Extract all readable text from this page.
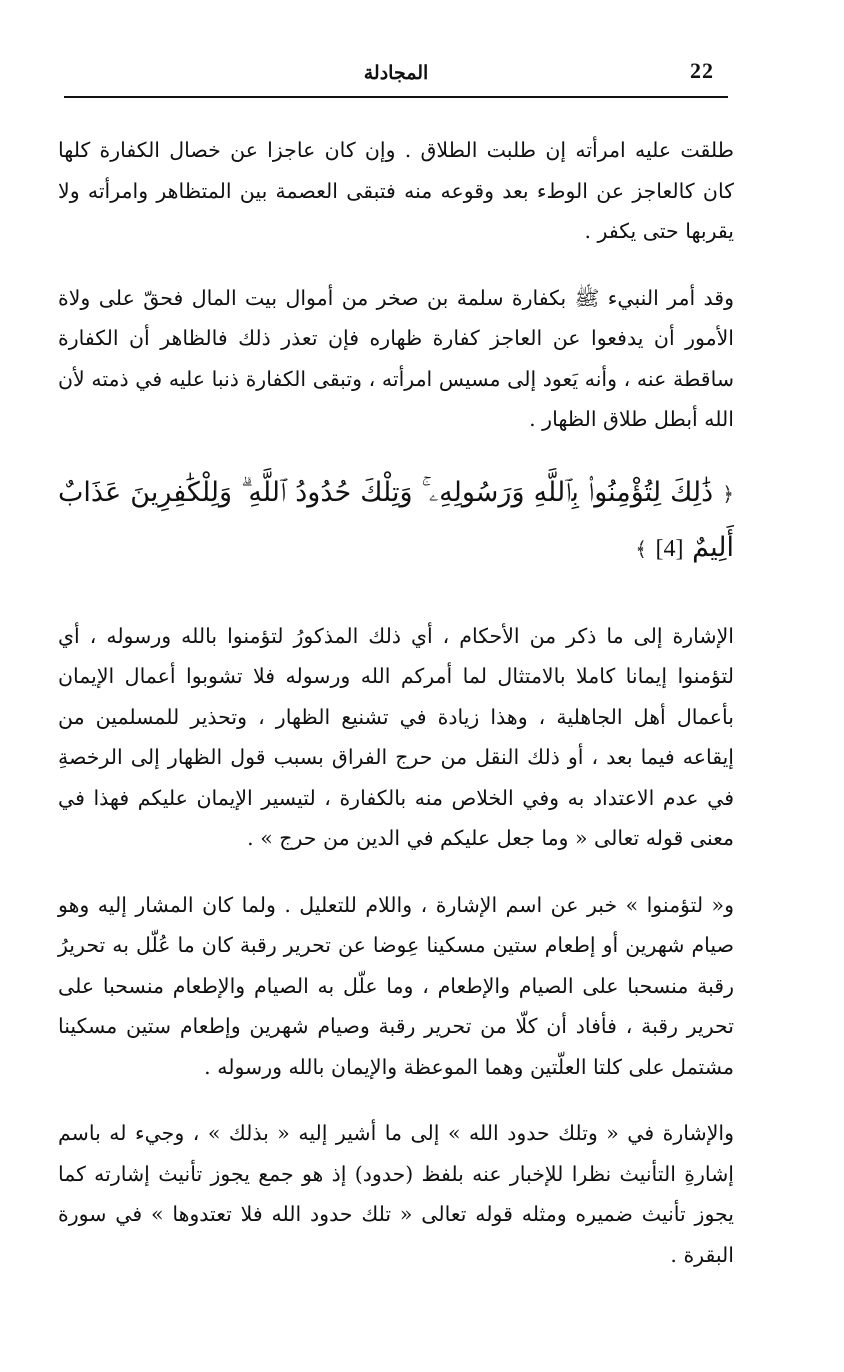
المجادلة	22

طلقت عليه امرأته إن طلبت الطلاق . وإن كان عاجزا عن خصال الكفارة كلها كان كالعاجز عن الوطء بعد وقوعه منه فتبقى العصمة بين المتظاهر وامرأته ولا يقربها حتى يكفر .

وقد أمر النبيء ﷺ بكفارة سلمة بن صخر من أموال بيت المال فحقّ على ولاة الأمور أن يدفعوا عن العاجز كفارة ظهاره فإن تعذر ذلك فالظاهر أن الكفارة ساقطة عنه ، وأنه يَعود إلى مسيس امرأته ، وتبقى الكفارة ذنبا عليه في ذمته لأن الله أبطل طلاق الظهار .

﴿ ذَٰلِكَ لِتُؤْمِنُوا۟ بِٱللَّهِ وَرَسُولِهِۦ ۚ وَتِلْكَ حُدُودُ ٱللَّهِ ۗ وَلِلْكَٰفِرِينَ عَذَابٌ أَلِيمٌ [4] ﴾

الإشارة إلى ما ذكر من الأحكام ، أي ذلك المذكورُ لتؤمنوا بالله ورسوله ، أي لتؤمنوا إيمانا كاملا بالامتثال لما أمركم الله ورسوله فلا تشوبوا أعمال الإيمان بأعمال أهل الجاهلية ، وهذا زيادة في تشنيع الظهار ، وتحذير للمسلمين من إيقاعه فيما بعد ، أو ذلك النقل من حرج الفراق بسبب قول الظهار إلى الرخصةِ في عدم الاعتداد به وفي الخلاص منه بالكفارة ، لتيسير الإيمان عليكم فهذا في معنى قوله تعالى « وما جعل عليكم في الدين من حرج » .

و« لتؤمنوا » خبر عن اسم الإشارة ، واللام للتعليل . ولما كان المشار إليه وهو صيام شهرين أو إطعام ستين مسكينا عِوضا عن تحرير رقبة كان ما عُلّل به تحريرُ رقبة منسحبا على الصيام والإطعام ، وما علّل به الصيام والإطعام منسحبا على تحرير رقبة ، فأفاد أن كلّا من تحرير رقبة وصيام شهرين وإطعام ستين مسكينا مشتمل على كلتا العلّتين وهما الموعظة والإيمان بالله ورسوله .

والإشارة في « وتلك حدود الله » إلى ما أشير إليه « بذلك » ، وجيء له باسم إشارةِ التأنيث نظرا للإخبار عنه بلفظ (حدود) إذ هو جمع يجوز تأنيث إشارته كما يجوز تأنيث ضميره ومثله قوله تعالى « تلك حدود الله فلا تعتدوها » في سورة البقرة .
